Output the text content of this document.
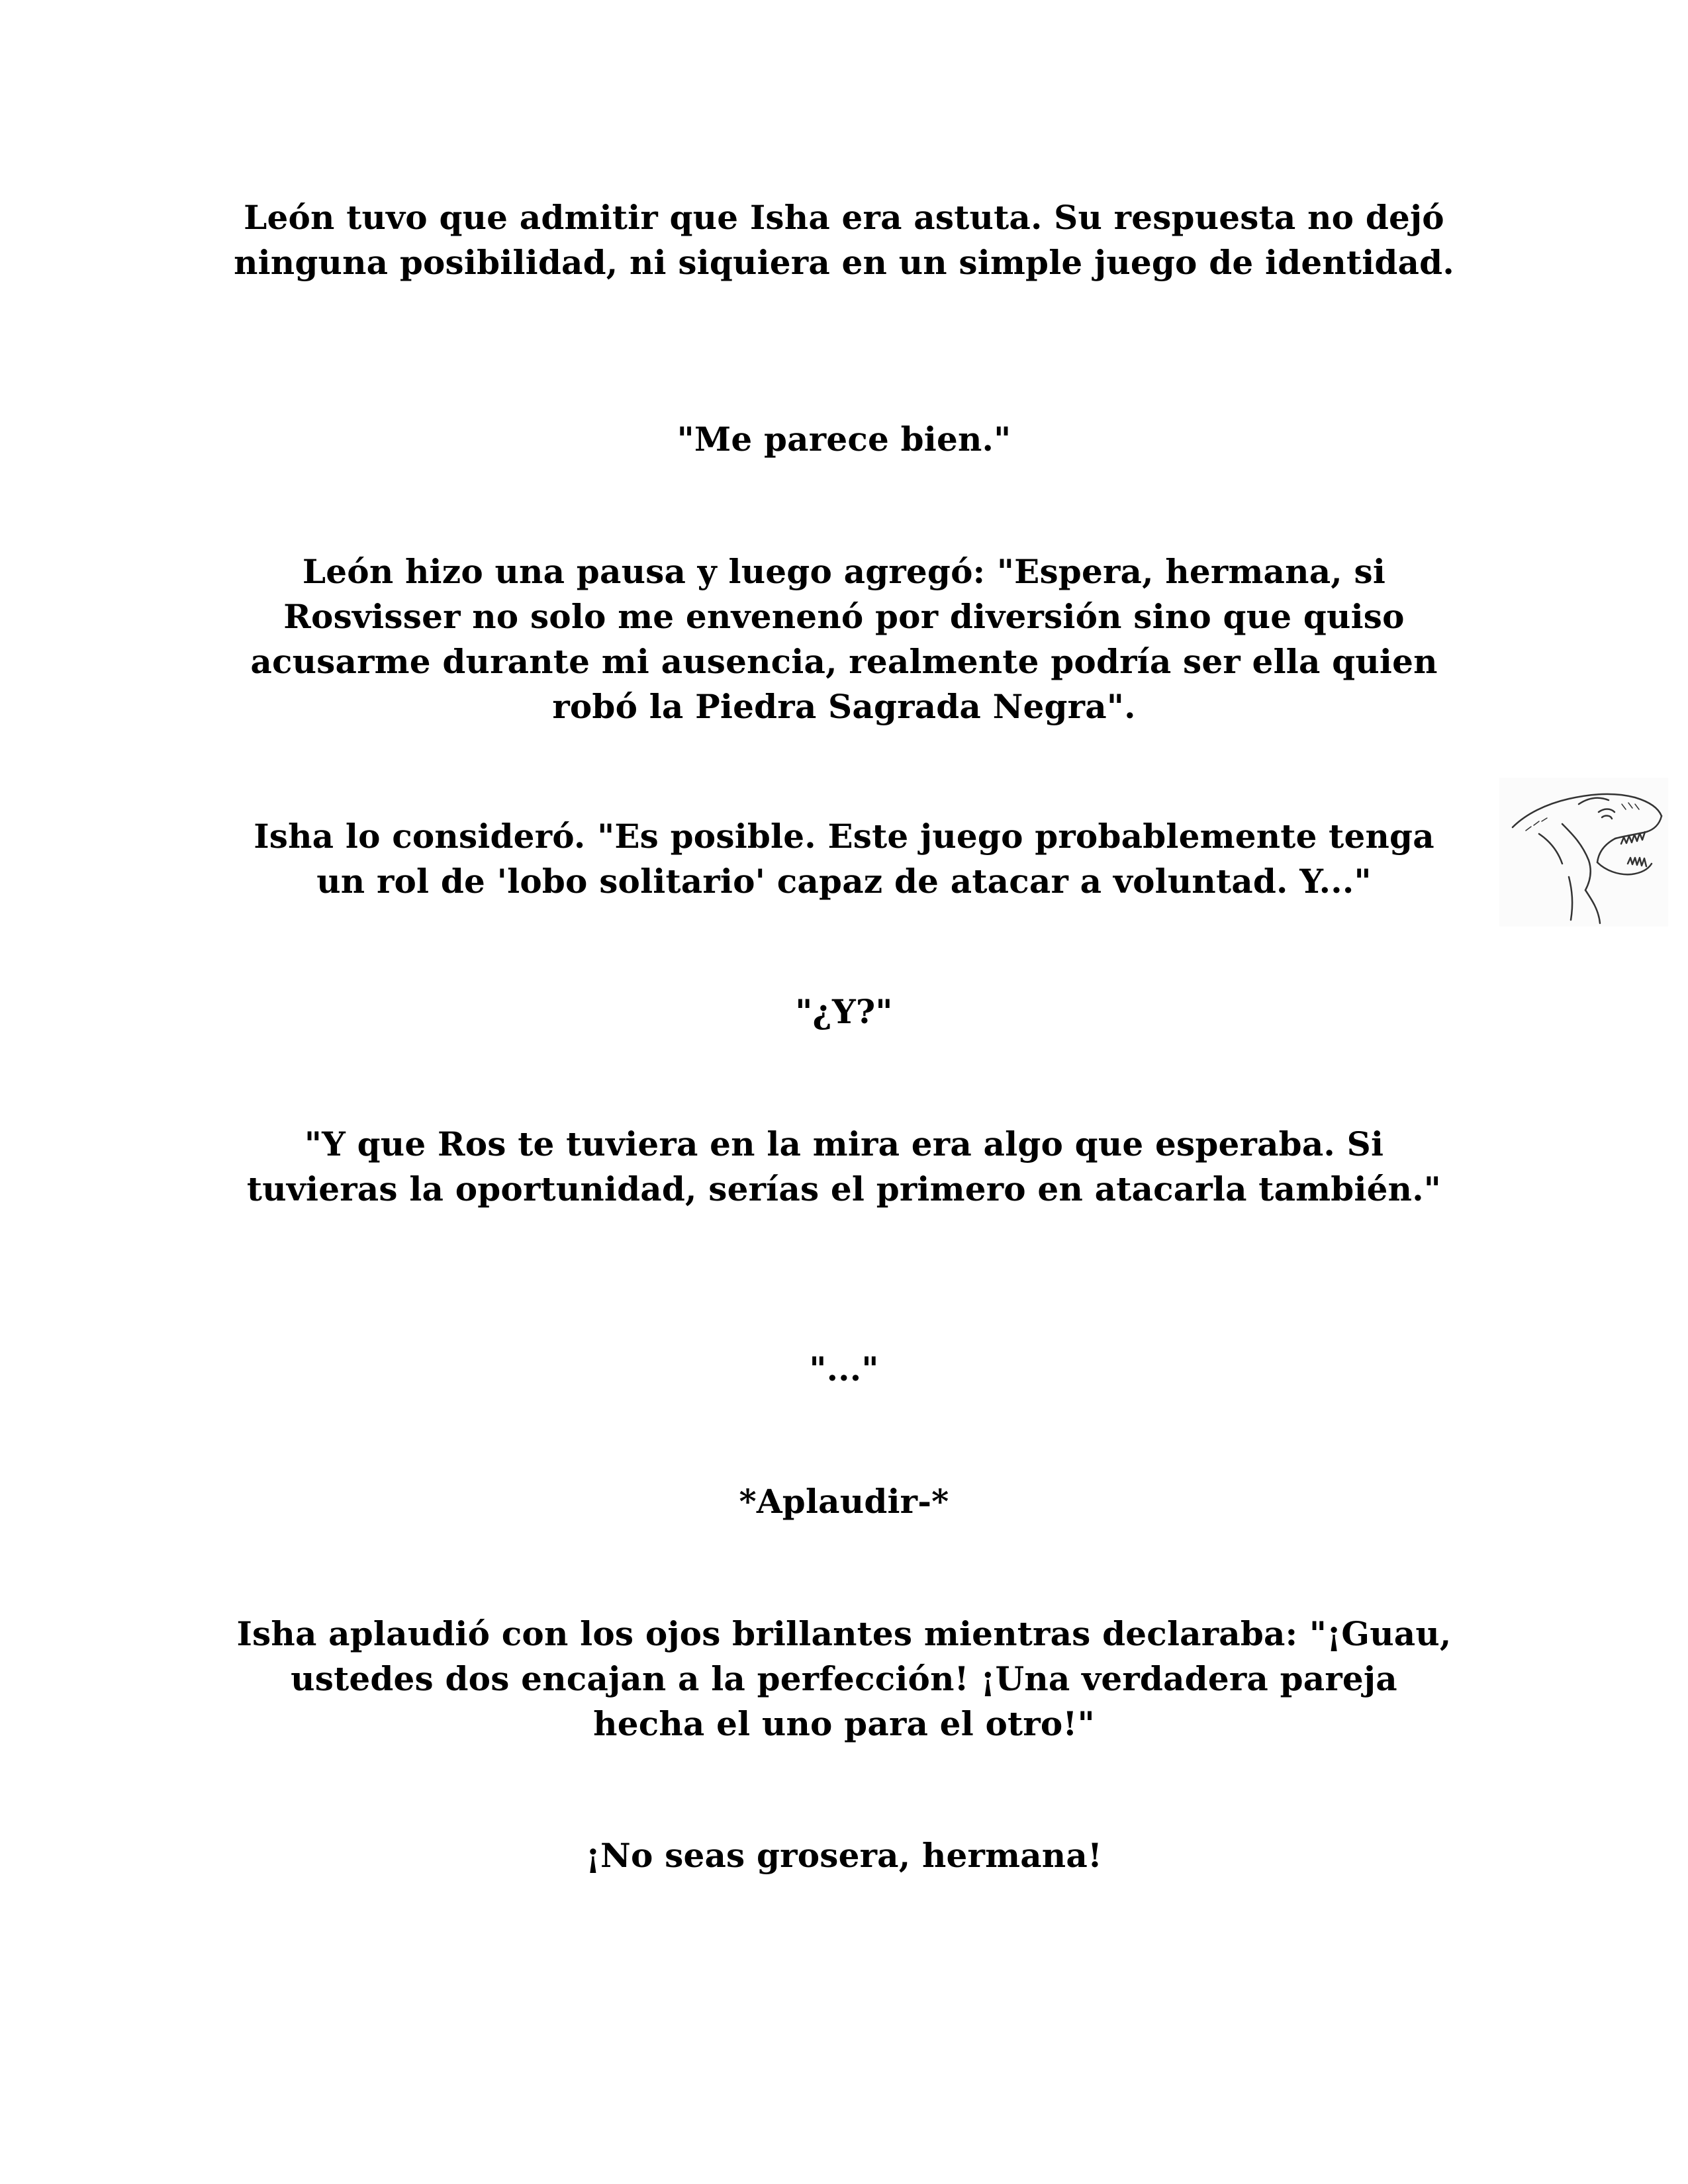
León tuvo que admitir que Isha era astuta. Su respuesta no dejó ninguna posibilidad, ni siquiera en un simple juego de identidad.

"Me parece bien."

León hizo una pausa y luego agregó: "Espera, hermana, si Rosvisser no solo me envenenó por diversión sino que quiso acusarme durante mi ausencia, realmente podría ser ella quien robó la Piedra Sagrada Negra".

Isha lo consideró. "Es posible. Este juego probablemente tenga un rol de 'lobo solitario' capaz de atacar a voluntad. Y..."

"¿Y?"

"Y que Ros te tuviera en la mira era algo que esperaba. Si tuvieras la oportunidad, serías el primero en atacarla también."

"..."

*Aplaudir-*

Isha aplaudió con los ojos brillantes mientras declaraba: "¡Guau, ustedes dos encajan a la perfección! ¡Una verdadera pareja hecha el uno para el otro!"

¡No seas grosera, hermana!
